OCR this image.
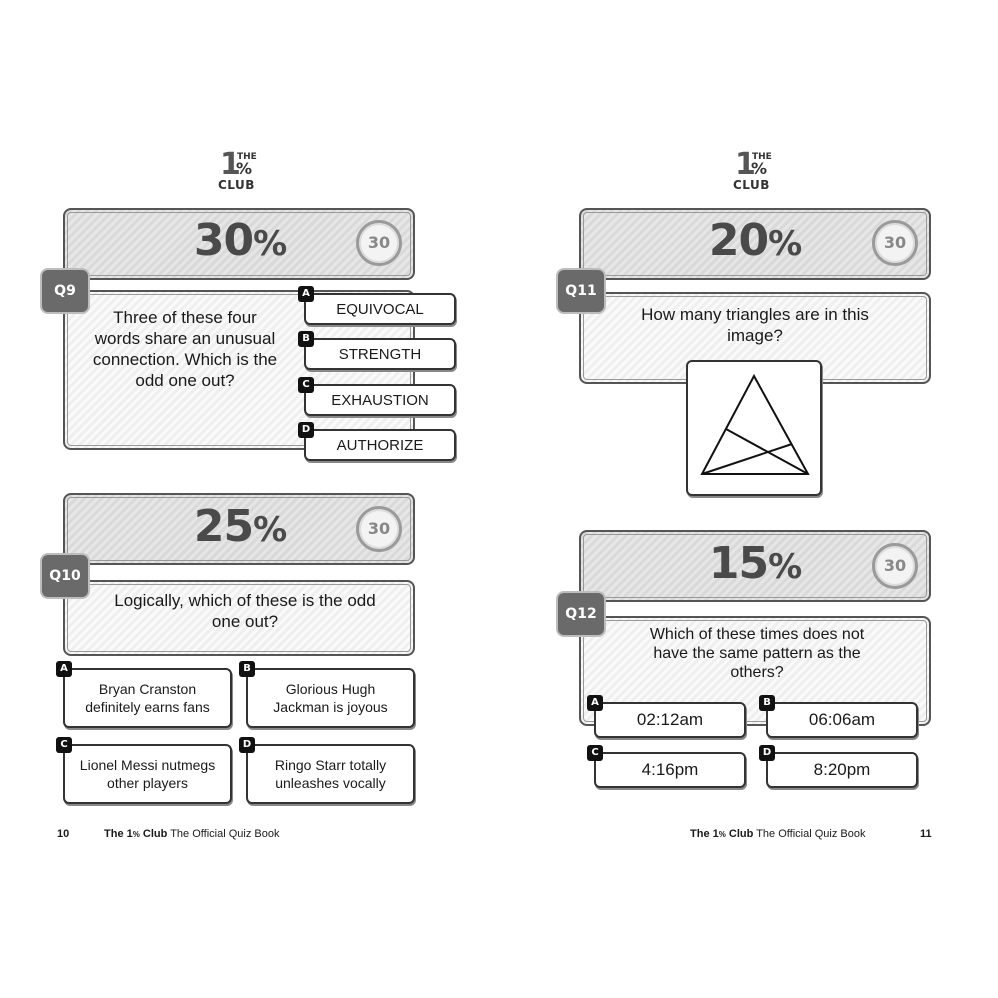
1
THE
%
CLUB
30%	30
Q9
Three of these four words share an unusual connection. Which is the odd one out?
EQUIVOCAL
A
STRENGTH
B
EXHAUSTION
C
AUTHORIZE
D
25%	30
Q10
Logically, which of these is the odd one out?
Bryan Cranston definitely earns fans
A
Glorious Hugh Jackman is joyous
B
Lionel Messi nutmegs other players
C
Ringo Starr totally unleashes vocally
D
10	The 1% Club The Official Quiz Book
1
THE
%
CLUB
20%	30
Q11
How many triangles are in this image?
15%	30
Q12
Which of these times does not have the same pattern as the others?
02:12am
A
06:06am
B
4:16pm
C
8:20pm
D
The 1% Club The Official Quiz Book	11
